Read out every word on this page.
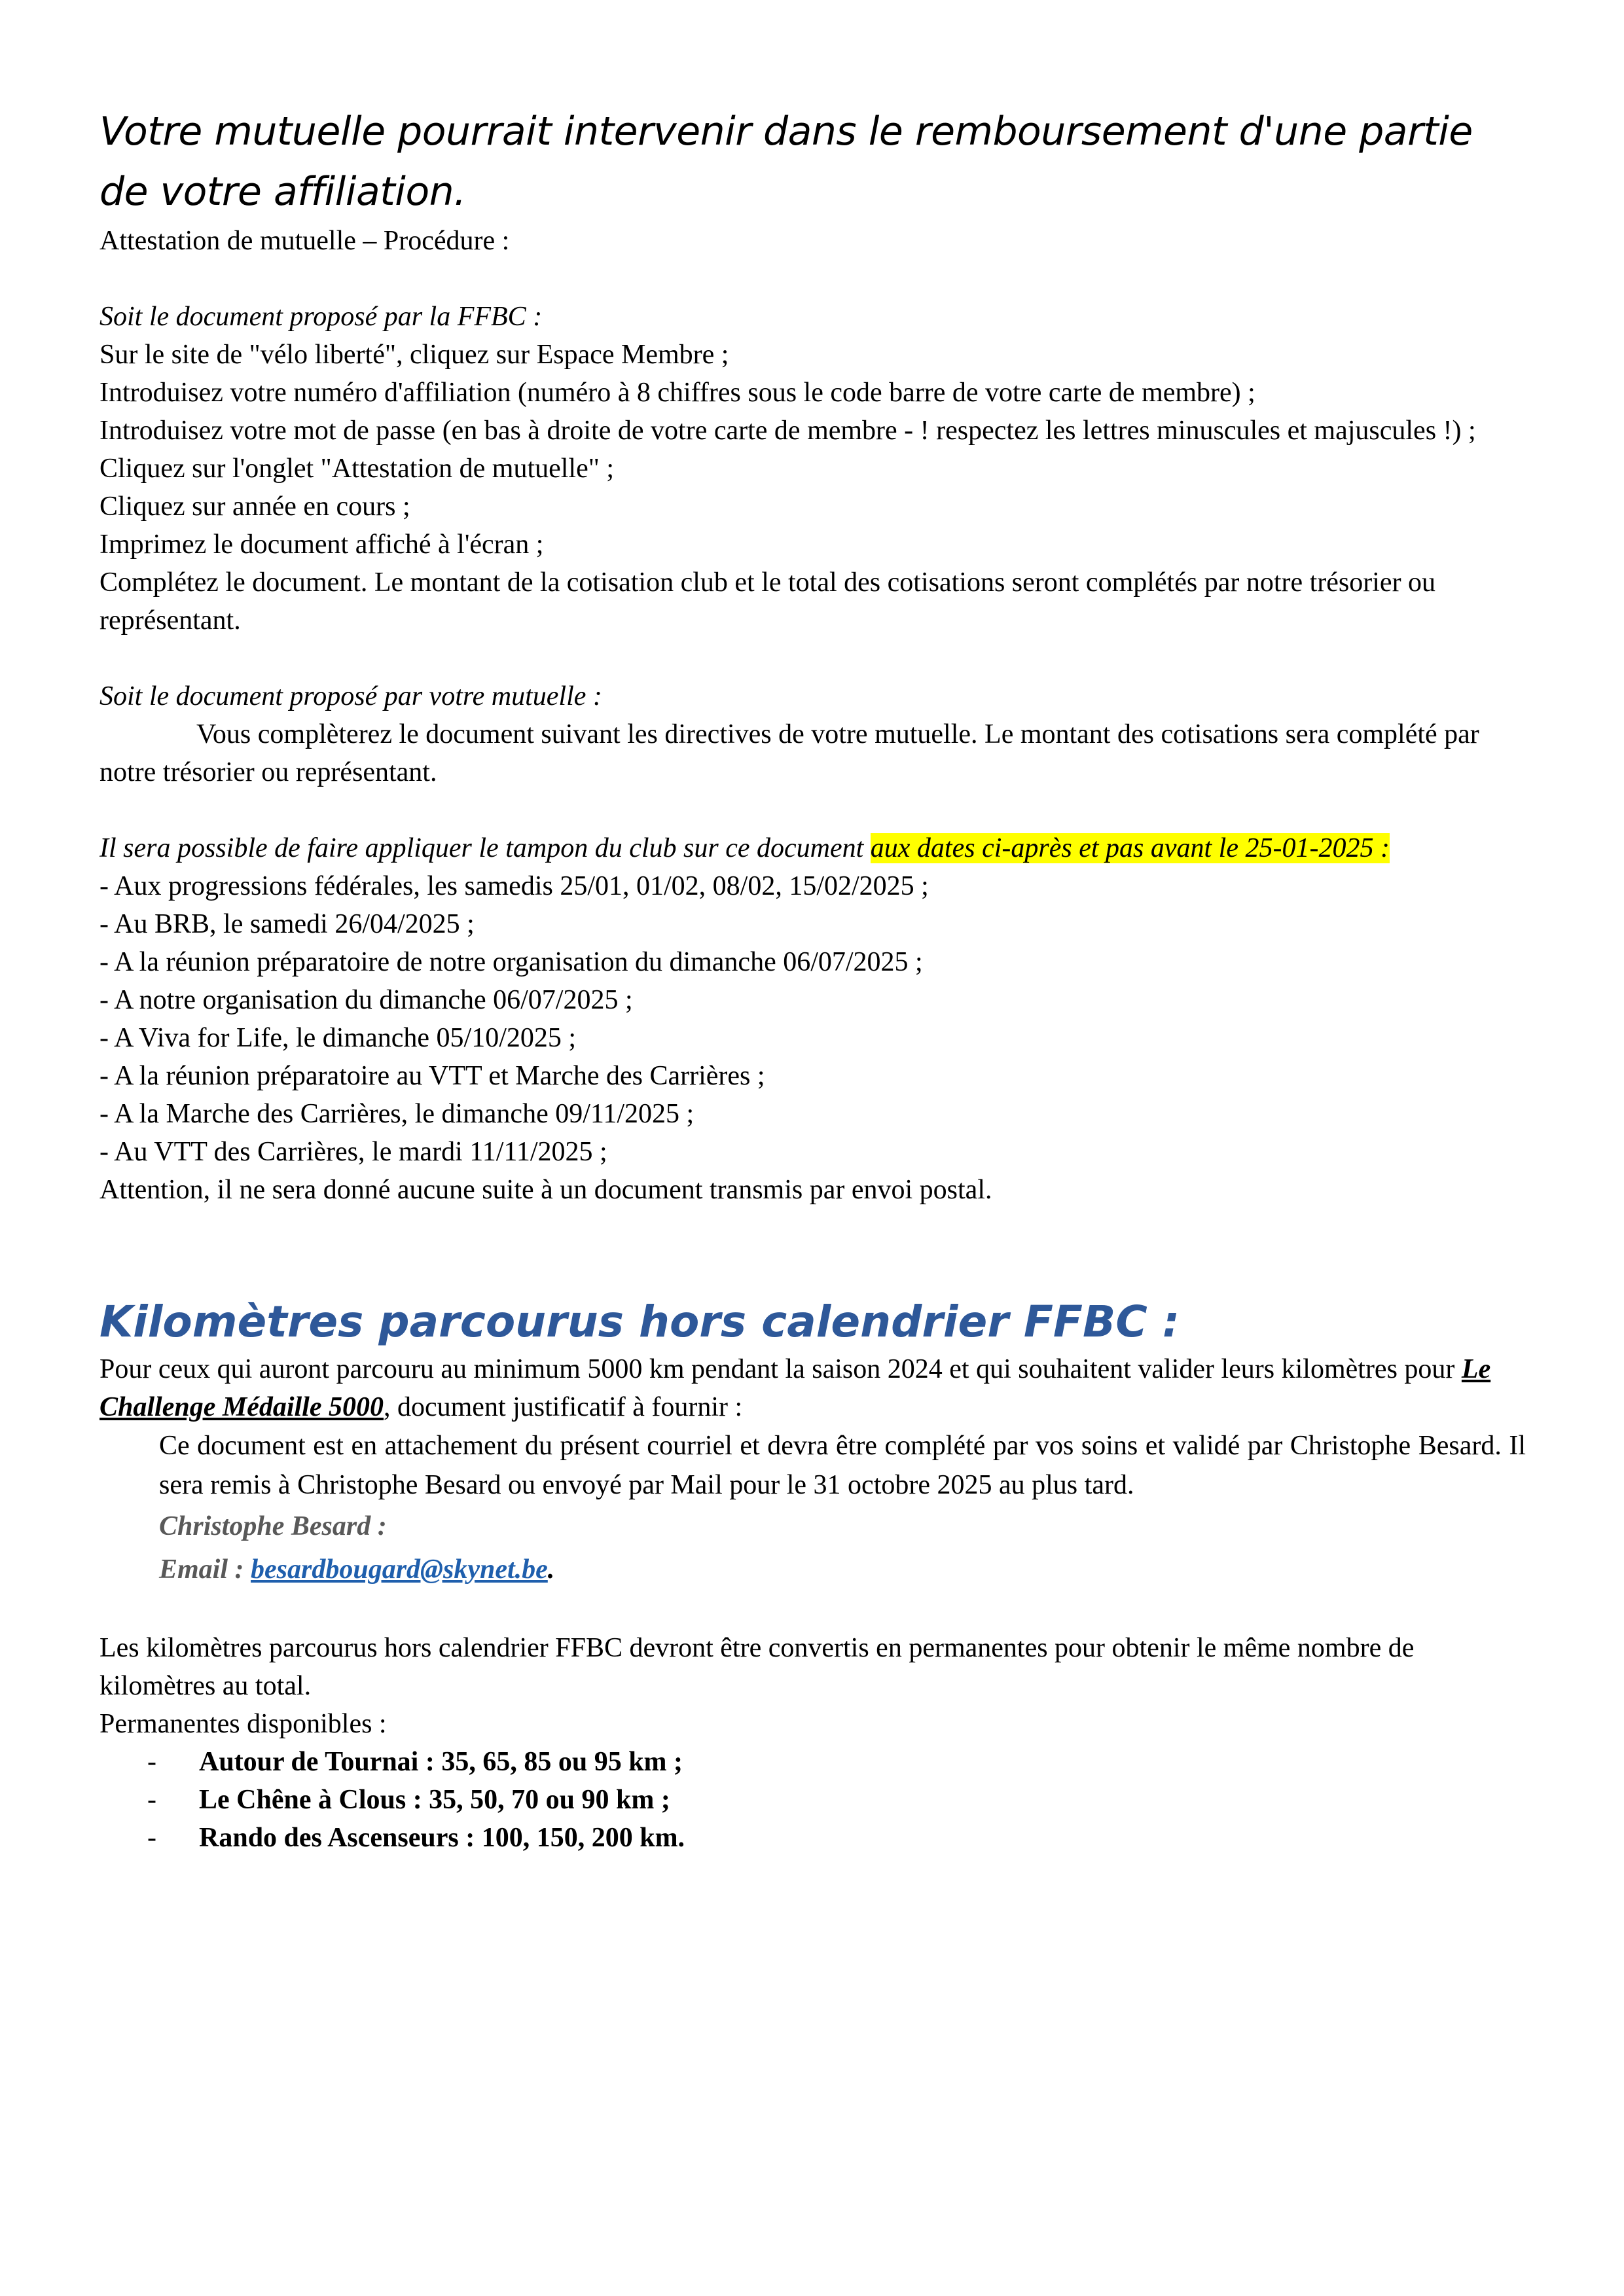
Votre mutuelle pourrait intervenir dans le remboursement d'une partie de votre affiliation.

Attestation de mutuelle – Procédure :

Soit le document proposé par la FFBC :

Sur le site de "vélo liberté", cliquez sur Espace Membre ;

Introduisez votre numéro d'affiliation (numéro à 8 chiffres sous le code barre de votre carte de membre) ;

Introduisez votre mot de passe (en bas à droite de votre carte de membre - ! respectez les lettres minuscules et majuscules !) ;

Cliquez sur l'onglet "Attestation de mutuelle" ;

Cliquez sur année en cours ;

Imprimez le document affiché à l'écran ;

Complétez le document. Le montant de la cotisation club et le total des cotisations seront complétés par notre trésorier ou représentant.

Soit le document proposé par votre mutuelle :

Vous complèterez le document suivant les directives de votre mutuelle. Le montant des cotisations sera complété par notre trésorier ou représentant.

Il sera possible de faire appliquer le tampon du club sur ce document aux dates ci-après et pas avant le 25-01-2025 :

- Aux progressions fédérales, les samedis 25/01, 01/02, 08/02, 15/02/2025 ;

- Au BRB, le samedi 26/04/2025 ;

- A la réunion préparatoire de notre organisation du dimanche 06/07/2025 ;

- A notre organisation du dimanche 06/07/2025 ;

- A Viva for Life, le dimanche 05/10/2025 ;

- A la réunion préparatoire au VTT et Marche des Carrières ;

- A la Marche des Carrières, le dimanche 09/11/2025 ;

- Au VTT des Carrières, le mardi 11/11/2025 ;

Attention, il ne sera donné aucune suite à un document transmis par envoi postal.

Kilomètres parcourus hors calendrier FFBC :

Pour ceux qui auront parcouru au minimum 5000 km pendant la saison 2024 et qui souhaitent valider leurs kilomètres pour Le Challenge Médaille 5000, document justificatif à fournir :

Ce document est en attachement du présent courriel et devra être complété par vos soins et validé par Christophe Besard. Il sera remis à Christophe Besard ou envoyé par Mail pour le 31 octobre 2025 au plus tard.

Christophe Besard :

Email : besardbougard@skynet.be.

Les kilomètres parcourus hors calendrier FFBC devront être convertis en permanentes pour obtenir le même nombre de kilomètres au total.

Permanentes disponibles :

- Autour de Tournai : 35, 65, 85 ou 95 km ;
- Le Chêne à Clous : 35, 50, 70 ou 90 km ;
- Rando des Ascenseurs : 100, 150, 200 km.
